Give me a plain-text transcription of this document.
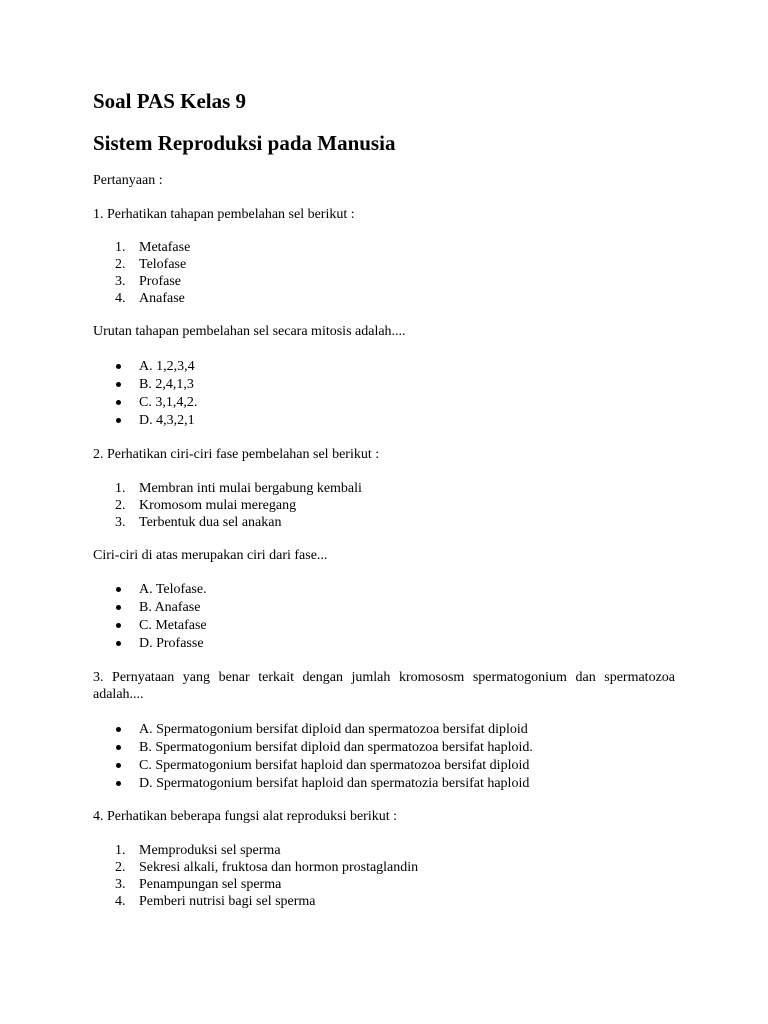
Soal PAS Kelas 9
Sistem Reproduksi pada Manusia
Pertanyaan :
1. Perhatikan tahapan pembelahan sel berikut :
1. Metafase
2. Telofase
3. Profase
4. Anafase
Urutan tahapan pembelahan sel secara mitosis adalah....
A. 1,2,3,4
B. 2,4,1,3
C. 3,1,4,2.
D. 4,3,2,1
2. Perhatikan ciri-ciri fase pembelahan sel berikut :
1. Membran inti mulai bergabung kembali
2. Kromosom mulai meregang
3. Terbentuk dua sel anakan
Ciri-ciri di atas merupakan ciri dari fase...
A. Telofase.
B. Anafase
C. Metafase
D. Profasse
3. Pernyataan yang benar terkait dengan jumlah kromososm spermatogonium dan spermatozoa adalah....
A. Spermatogonium bersifat diploid dan spermatozoa bersifat diploid
B. Spermatogonium bersifat diploid dan spermatozoa bersifat haploid.
C. Spermatogonium bersifat haploid dan spermatozoa bersifat diploid
D. Spermatogonium bersifat haploid dan spermatozia bersifat haploid
4. Perhatikan beberapa fungsi alat reproduksi berikut :
1. Memproduksi sel sperma
2. Sekresi alkali, fruktosa dan hormon prostaglandin
3. Penampungan sel sperma
4. Pemberi nutrisi bagi sel sperma
